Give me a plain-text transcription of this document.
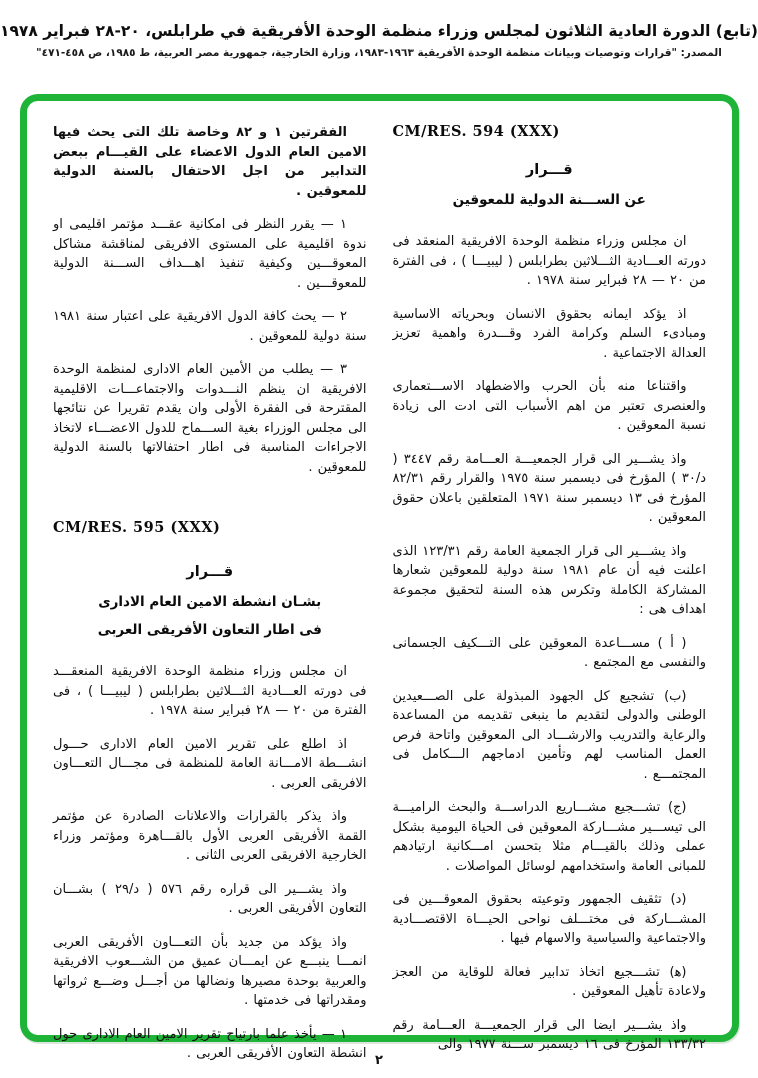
(تابع) الدورة العادية الثلاثون لمجلس وزراء منظمة الوحدة الأفريقية في طرابلس، ٢٠-٢٨ فبراير ١٩٧٨
المصدر: "قرارات وتوصيات وبيانات منظمة الوحدة الأفريقية ١٩٦٣-١٩٨٣، وزارة الخارجية، جمهورية مصر العربية، ط ١٩٨٥، ص ٤٥٨-٤٧١"
CM/RES. 594 (XXX)
قـــرار
عن الســـنة الدولية للمعوقين
ان مجلس وزراء منظمة الوحدة الافريقية المنعقد فى دورته العـــادية الثـــلاثين بطرابلس ( ليبيـــا ) ، فى الفترة من ٢٠ — ٢٨ فبراير سنة ١٩٧٨ .
اذ يؤكد ايمانه بحقوق الانسان وبحرياته الاساسية ومبادىء السلم وكرامة الفرد وقـــدرة واهمية تعزيز العدالة الاجتماعية .
واقتناعا منه بأن الحرب والاضطهاد الاســـتعمارى والعنصرى تعتبر من اهم الأسباب التى ادت الى زيادة نسبة المعوقين .
واذ يشـــير الى قرار الجمعيـــة العـــامة رقم ٣٤٤٧ ( د/٣٠ ) المؤرخ فى ديسمبر سنة ١٩٧٥ والقرار رقم ٨٢/٣١ المؤرخ فى ١٣ ديسمبر سنة ١٩٧١ المتعلقين باعلان حقوق المعوقين .
واذ يشـــير الى قرار الجمعية العامة رقم ١٢٣/٣١ الذى اعلنت فيه أن عام ١٩٨١ سنة دولية للمعوقين شعارها المشاركة الكاملة وتكرس هذه السنة لتحقيق مجموعة اهداف هى :
( أ ) مســـاعدة المعوقين على التـــكيف الجسمانى والنفسى مع المجتمع .
(ب) تشجيع كل الجهود المبذولة على الصـــعيدين الوطنى والدولى لتقديم ما ينبغى تقديمه من المساعدة والرعاية والتدريب والارشـــاد الى المعوقين واتاحة فرص العمل المناسب لهم وتأمين ادماجهم الـــكامل فى المجتمـــع .
(ج) تشـــجيع مشـــاريع الدراســـة والبحث الراميـــة الى تيســـير مشـــاركة المعوقين فى الحياة اليومية بشكل عملى وذلك بالقيـــام مثلا بتحسن امـــكانية ارتيادهم للمبانى العامة واستخدامهم لوسائل المواصلات .
(د) تثقيف الجمهور وتوعيته بحقوق المعوقـــين فى المشـــاركة فى مختـــلف نواحى الحيـــاة الاقتصـــادية والاجتماعية والسياسية والاسهام فيها .
(ﻫ) تشـــجيع اتخاذ تدابير فعالة للوقاية من العجز ولاعادة تأهيل المعوقين .
واذ يشـــير ايضا الى قرار الجمعيـــة العـــامة رقم ١٣٣/٣٢ المؤرخ فى ١٦ ديسمبر ســـنة ١٩٧٧ والى
الفقرتين ١ و ٨٢ وخاصة تلك التى يحث فيها الامين العام الدول الاعضاء على القيـــام ببعض التدابير من اجل الاحتفال بالسنة الدولية للمعوقين .
١ — يقرر النظر فى امكانية عقـــد مؤتمر اقليمى او ندوة اقليمية على المستوى الافريقى لمناقشة مشاكل المعوقـــين وكيفية تنفيذ اهـــداف الســـنة الدولية للمعوقـــين .
٢ — يحث كافة الدول الافريقية على اعتبار سنة ١٩٨١ سنة دولية للمعوقين .
٣ — يطلب من الأمين العام الادارى لمنظمة الوحدة الافريقية ان ينظم النـــدوات والاجتماعـــات الاقليمية المقترحة فى الفقرة الأولى وان يقدم تقريرا عن نتائجها الى مجلس الوزراء بغية الســـماح للدول الاعضـــاء لاتخاذ الاجراءات المناسبة فى اطار احتفالاتها بالسنة الدولية للمعوقين .
CM/RES. 595 (XXX)
قـــرار
بشـان انشطة الامين العام الادارى
فى اطار التعاون الأفريقى العربى
ان مجلس وزراء منظمة الوحدة الافريقية المنعقـــد فى دورته العـــادية الثـــلاثين بطرابلس ( ليبيـــا ) ، فى الفترة من ٢٠ — ٢٨ فبراير سنة ١٩٧٨ .
اذ اطلع على تقرير الامين العام الادارى حـــول انشـــطة الامـــانة العامة للمنظمة فى مجـــال التعـــاون الافريقى العربى .
واذ يذكر بالقرارات والاعلانات الصادرة عن مؤتمر القمة الأفريقى العربى الأول بالقـــاهرة ومؤتمر وزراء الخارجية الافريقى العربى الثانى .
واذ يشـــير الى قراره رقم ٥٧٦ ( د/٢٩ ) بشـــان التعاون الأفريقى العربى .
واذ يؤكد من جديد بأن التعـــاون الأفريقى العربى انمـــا ينبـــع عن ايمـــان عميق من الشـــعوب الافريقية والعربية بوحدة مصيرها ونضالها من أجـــل وضـــع ثرواتها ومقدراتها فى خدمتها .
١ — يأخذ علما بارتياح تقرير الامين العام الادارى حول انشطة التعاون الأفريقى العربى . ٢
